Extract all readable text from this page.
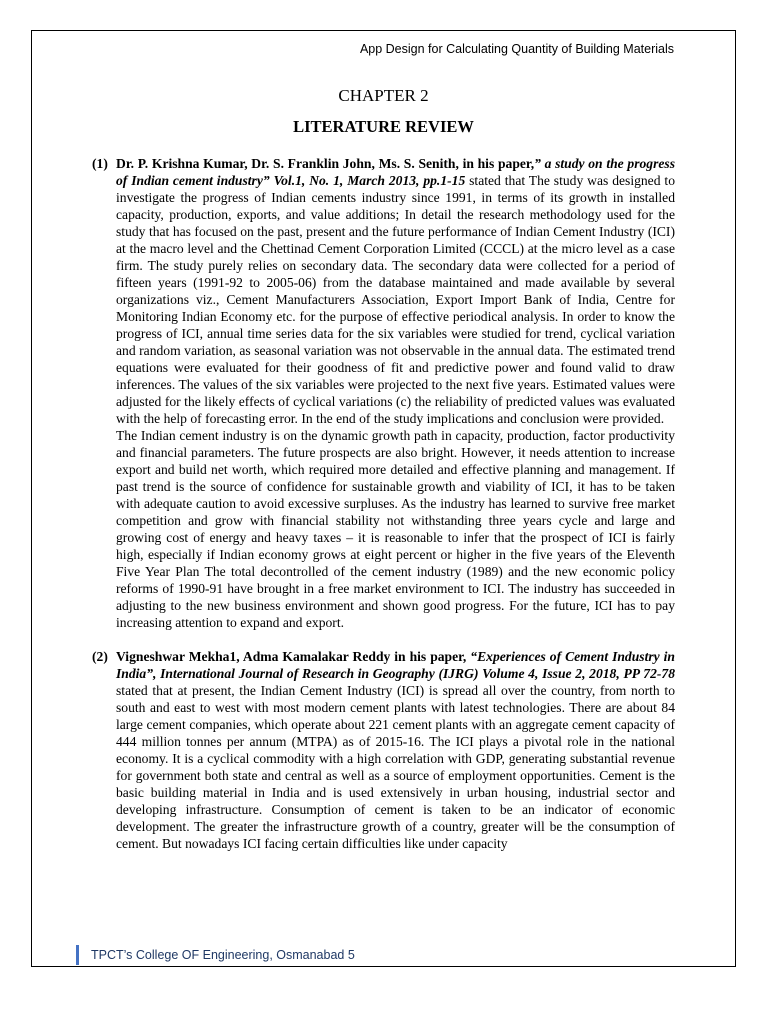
App Design for Calculating Quantity of Building Materials
CHAPTER 2
LITERATURE REVIEW
(1) Dr. P. Krishna Kumar, Dr. S. Franklin John, Ms. S. Senith, in his paper,” a study on the progress of Indian cement industry” Vol.1, No. 1, March 2013, pp.1-15 stated that The study was designed to investigate the progress of Indian cements industry since 1991, in terms of its growth in installed capacity, production, exports, and value additions; In detail the research methodology used for the study that has focused on the past, present and the future performance of Indian Cement Industry (ICI) at the macro level and the Chettinad Cement Corporation Limited (CCCL) at the micro level as a case firm. The study purely relies on secondary data. The secondary data were collected for a period of fifteen years (1991-92 to 2005-06) from the database maintained and made available by several organizations viz., Cement Manufacturers Association, Export Import Bank of India, Centre for Monitoring Indian Economy etc. for the purpose of effective periodical analysis. In order to know the progress of ICI, annual time series data for the six variables were studied for trend, cyclical variation and random variation, as seasonal variation was not observable in the annual data. The estimated trend equations were evaluated for their goodness of fit and predictive power and found valid to draw inferences. The values of the six variables were projected to the next five years. Estimated values were adjusted for the likely effects of cyclical variations (c) the reliability of predicted values was evaluated with the help of forecasting error. In the end of the study implications and conclusion were provided.
The Indian cement industry is on the dynamic growth path in capacity, production, factor productivity and financial parameters. The future prospects are also bright. However, it needs attention to increase export and build net worth, which required more detailed and effective planning and management. If past trend is the source of confidence for sustainable growth and viability of ICI, it has to be taken with adequate caution to avoid excessive surpluses. As the industry has learned to survive free market competition and grow with financial stability not withstanding three years cycle and large and growing cost of energy and heavy taxes – it is reasonable to infer that the prospect of ICI is fairly high, especially if Indian economy grows at eight percent or higher in the five years of the Eleventh Five Year Plan The total decontrolled of the cement industry (1989) and the new economic policy reforms of 1990-91 have brought in a free market environment to ICI. The industry has succeeded in adjusting to the new business environment and shown good progress. For the future, ICI has to pay increasing attention to expand and export.
(2) Vigneshwar Mekha1, Adma Kamalakar Reddy in his paper, “Experiences of Cement Industry in India”, International Journal of Research in Geography (IJRG) Volume 4, Issue 2, 2018, PP 72-78 stated that at present, the Indian Cement Industry (ICI) is spread all over the country, from north to south and east to west with most modern cement plants with latest technologies. There are about 84 large cement companies, which operate about 221 cement plants with an aggregate cement capacity of 444 million tonnes per annum (MTPA) as of 2015-16. The ICI plays a pivotal role in the national economy. It is a cyclical commodity with a high correlation with GDP, generating substantial revenue for government both state and central as well as a source of employment opportunities. Cement is the basic building material in India and is used extensively in urban housing, industrial sector and developing infrastructure. Consumption of cement is taken to be an indicator of economic development. The greater the infrastructure growth of a country, greater will be the consumption of cement. But nowadays ICI facing certain difficulties like under capacity
TPCT’s College OF Engineering, Osmanabad 5
